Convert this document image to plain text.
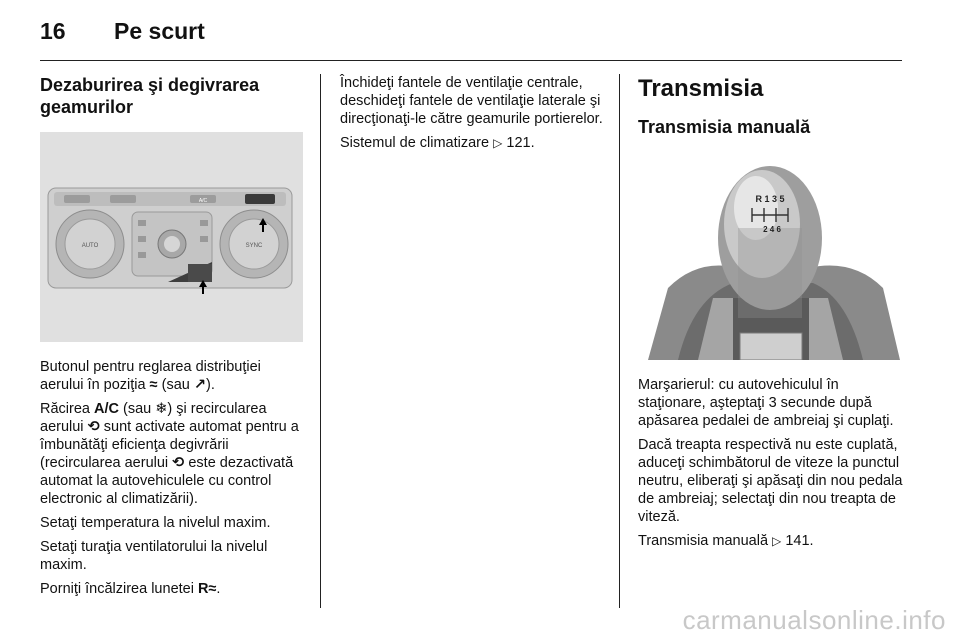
16	Pe scurt
Dezaburirea şi degivrarea geamurilor
A/C
AUTO	SYNC

Butonul pentru reglarea distribuţiei aerului în poziţia ≈ (sau ↗).

Răcirea A/C (sau ❄) şi recircularea aerului ⟲ sunt activate automat pentru a îmbunătăţi eficienţa degivrării (recircularea aerului ⟲ este dezactivată automat la autovehiculele cu control electronic al climatizării).

Setaţi temperatura la nivelul maxim.

Setaţi turaţia ventilatorului la nivelul maxim.

Porniţi încălzirea lunetei R≈.

Închideţi fantele de ventilaţie centrale, deschideţi fantele de ventilaţie laterale şi direcţionaţi-le către geamurile portierelor.

Sistemul de climatizare ▷ 121.

Transmisia
Transmisia manuală
R 1 3 5
2 4 6

Marşarierul: cu autovehiculul în staţionare, aşteptaţi 3 secunde după apăsarea pedalei de ambreiaj şi cuplaţi.

Dacă treapta respectivă nu este cuplată, aduceţi schimbătorul de viteze la punctul neutru, eliberaţi şi apăsaţi din nou pedala de ambreiaj; selectaţi din nou treapta de viteză.

Transmisia manuală ▷ 141.

carmanualsonline.info
